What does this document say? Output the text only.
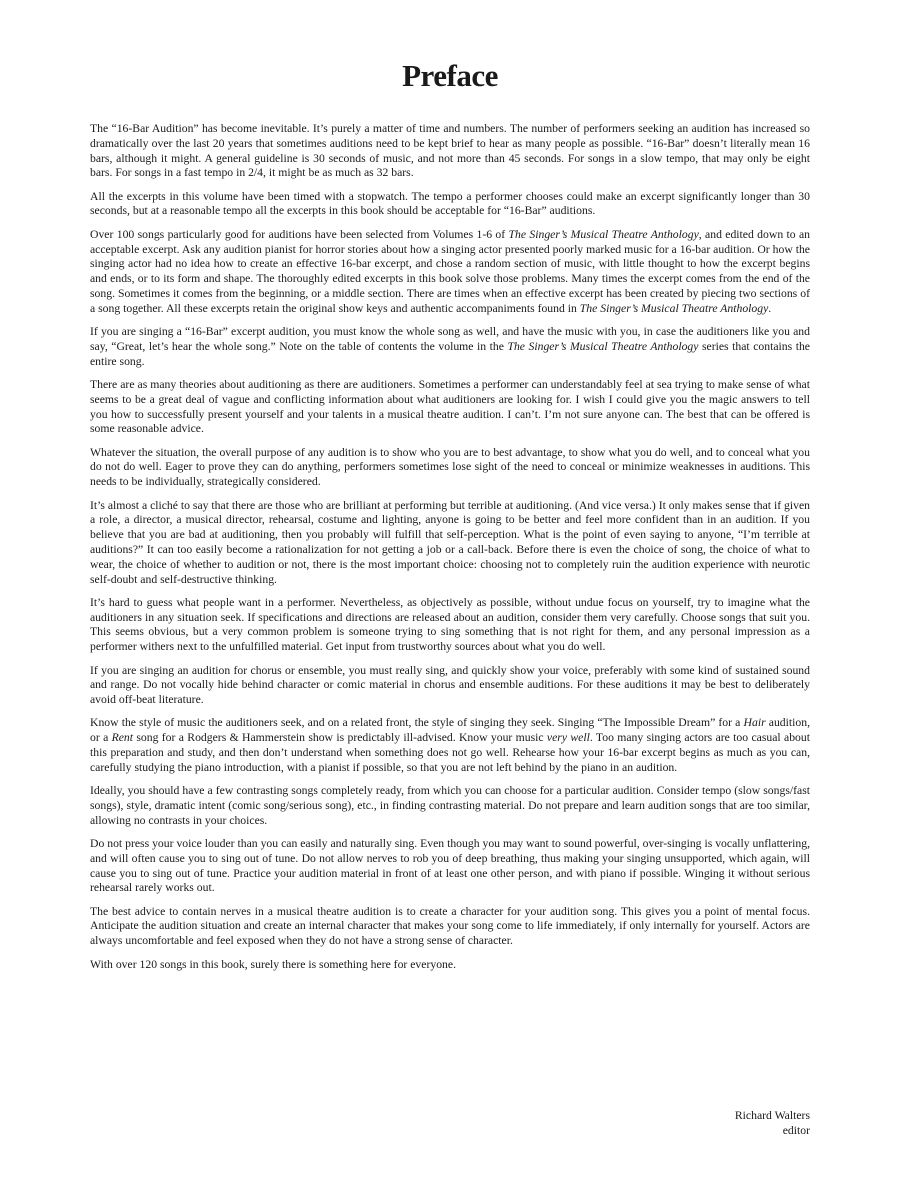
Preface

The “16-Bar Audition” has become inevitable. It’s purely a matter of time and numbers. The number of performers seeking an audition has increased so dramatically over the last 20 years that sometimes auditions need to be kept brief to hear as many people as possible. “16-Bar” doesn’t literally mean 16 bars, although it might. A general guideline is 30 seconds of music, and not more than 45 seconds. For songs in a slow tempo, that may only be eight bars. For songs in a fast tempo in 2/4, it might be as much as 32 bars.

All the excerpts in this volume have been timed with a stopwatch. The tempo a performer chooses could make an excerpt significantly longer than 30 seconds, but at a reasonable tempo all the excerpts in this book should be acceptable for “16-Bar” auditions.

Over 100 songs particularly good for auditions have been selected from Volumes 1-6 of The Singer’s Musical Theatre Anthology, and edited down to an acceptable excerpt. Ask any audition pianist for horror stories about how a singing actor presented poorly marked music for a 16-bar audition. Or how the singing actor had no idea how to create an effective 16-bar excerpt, and chose a random section of music, with little thought to how the excerpt begins and ends, or to its form and shape. The thoroughly edited excerpts in this book solve those problems. Many times the excerpt comes from the end of the song. Sometimes it comes from the beginning, or a middle section. There are times when an effective excerpt has been created by piecing two sections of a song together. All these excerpts retain the original show keys and authentic accompaniments found in The Singer’s Musical Theatre Anthology.

If you are singing a “16-Bar” excerpt audition, you must know the whole song as well, and have the music with you, in case the auditioners like you and say, “Great, let’s hear the whole song.” Note on the table of contents the volume in the The Singer’s Musical Theatre Anthology series that contains the entire song.

There are as many theories about auditioning as there are auditioners. Sometimes a performer can understandably feel at sea trying to make sense of what seems to be a great deal of vague and conflicting information about what auditioners are looking for. I wish I could give you the magic answers to tell you how to successfully present yourself and your talents in a musical theatre audition. I can’t. I’m not sure anyone can. The best that can be offered is some reasonable advice.

Whatever the situation, the overall purpose of any audition is to show who you are to best advantage, to show what you do well, and to conceal what you do not do well. Eager to prove they can do anything, performers sometimes lose sight of the need to conceal or minimize weaknesses in auditions. This needs to be individually, strategically considered.

It’s almost a cliché to say that there are those who are brilliant at performing but terrible at auditioning. (And vice versa.) It only makes sense that if given a role, a director, a musical director, rehearsal, costume and lighting, anyone is going to be better and feel more confident than in an audition. If you believe that you are bad at auditioning, then you probably will fulfill that self-perception. What is the point of even saying to anyone, “I’m terrible at auditions?” It can too easily become a rationalization for not getting a job or a call-back. Before there is even the choice of song, the choice of what to wear, the choice of whether to audition or not, there is the most important choice: choosing not to completely ruin the audition experience with neurotic self-doubt and self-destructive thinking.

It’s hard to guess what people want in a performer. Nevertheless, as objectively as possible, without undue focus on yourself, try to imagine what the auditioners in any situation seek. If specifications and directions are released about an audition, consider them very carefully. Choose songs that suit you. This seems obvious, but a very common problem is someone trying to sing something that is not right for them, and any personal impression as a performer withers next to the unfulfilled material. Get input from trustworthy sources about what you do well.

If you are singing an audition for chorus or ensemble, you must really sing, and quickly show your voice, preferably with some kind of sustained sound and range. Do not vocally hide behind character or comic material in chorus and ensemble auditions. For these auditions it may be best to deliberately avoid off-beat literature.

Know the style of music the auditioners seek, and on a related front, the style of singing they seek. Singing “The Impossible Dream” for a Hair audition, or a Rent song for a Rodgers & Hammerstein show is predictably ill-advised. Know your music very well. Too many singing actors are too casual about this preparation and study, and then don’t understand when something does not go well. Rehearse how your 16-bar excerpt begins as much as you can, carefully studying the piano introduction, with a pianist if possible, so that you are not left behind by the piano in an audition.

Ideally, you should have a few contrasting songs completely ready, from which you can choose for a particular audition. Consider tempo (slow songs/fast songs), style, dramatic intent (comic song/serious song), etc., in finding contrasting material. Do not prepare and learn audition songs that are too similar, allowing no contrasts in your choices.

Do not press your voice louder than you can easily and naturally sing. Even though you may want to sound powerful, over-singing is vocally unflattering, and will often cause you to sing out of tune. Do not allow nerves to rob you of deep breathing, thus making your singing unsupported, which again, will cause you to sing out of tune. Practice your audition material in front of at least one other person, and with piano if possible. Winging it without serious rehearsal rarely works out.

The best advice to contain nerves in a musical theatre audition is to create a character for your audition song. This gives you a point of mental focus. Anticipate the audition situation and create an internal character that makes your song come to life immediately, if only internally for yourself. Actors are always uncomfortable and feel exposed when they do not have a strong sense of character.

With over 120 songs in this book, surely there is something here for everyone.

Richard Walters
editor
